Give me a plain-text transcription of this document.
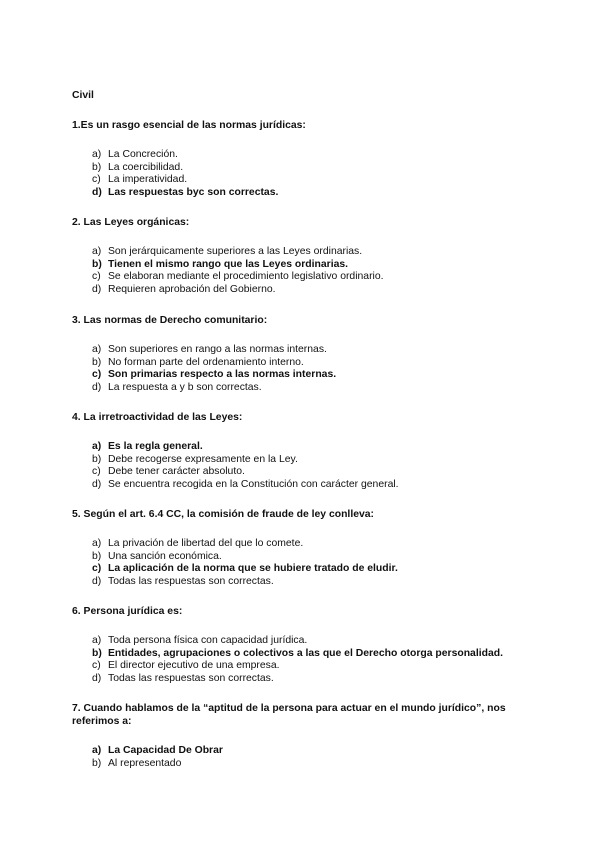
Civil
1.Es un rasgo esencial de las normas jurídicas:
a) La Concreción.
b) La coercibilidad.
c) La imperatividad.
d) Las respuestas byc son correctas.
2. Las Leyes orgánicas:
a) Son jerárquicamente superiores a las Leyes ordinarias.
b) Tienen el mismo rango que las Leyes ordinarias.
c) Se elaboran mediante el procedimiento legislativo ordinario.
d) Requieren aprobación del Gobierno.
3. Las normas de Derecho comunitario:
a) Son superiores en rango a las normas internas.
b) No forman parte del ordenamiento interno.
c) Son primarias respecto a las normas internas.
d) La respuesta a y b son correctas.
4. La irretroactividad de las Leyes:
a) Es la regla general.
b) Debe recogerse expresamente en la Ley.
c) Debe tener carácter absoluto.
d) Se encuentra recogida en la Constitución con carácter general.
5. Según el art. 6.4 CC, la comisión de fraude de ley conlleva:
a) La privación de libertad del que lo comete.
b) Una sanción económica.
c) La aplicación de la norma que se hubiere tratado de eludir.
d) Todas las respuestas son correctas.
6. Persona jurídica es:
a) Toda persona física con capacidad jurídica.
b) Entidades, agrupaciones o colectivos a las que el Derecho otorga personalidad.
c) El director ejecutivo de una empresa.
d) Todas las respuestas son correctas.
7. Cuando hablamos de la “aptitud de la persona para actuar en el mundo jurídico”, nos referimos a:
a) La Capacidad De Obrar
b) Al representado
